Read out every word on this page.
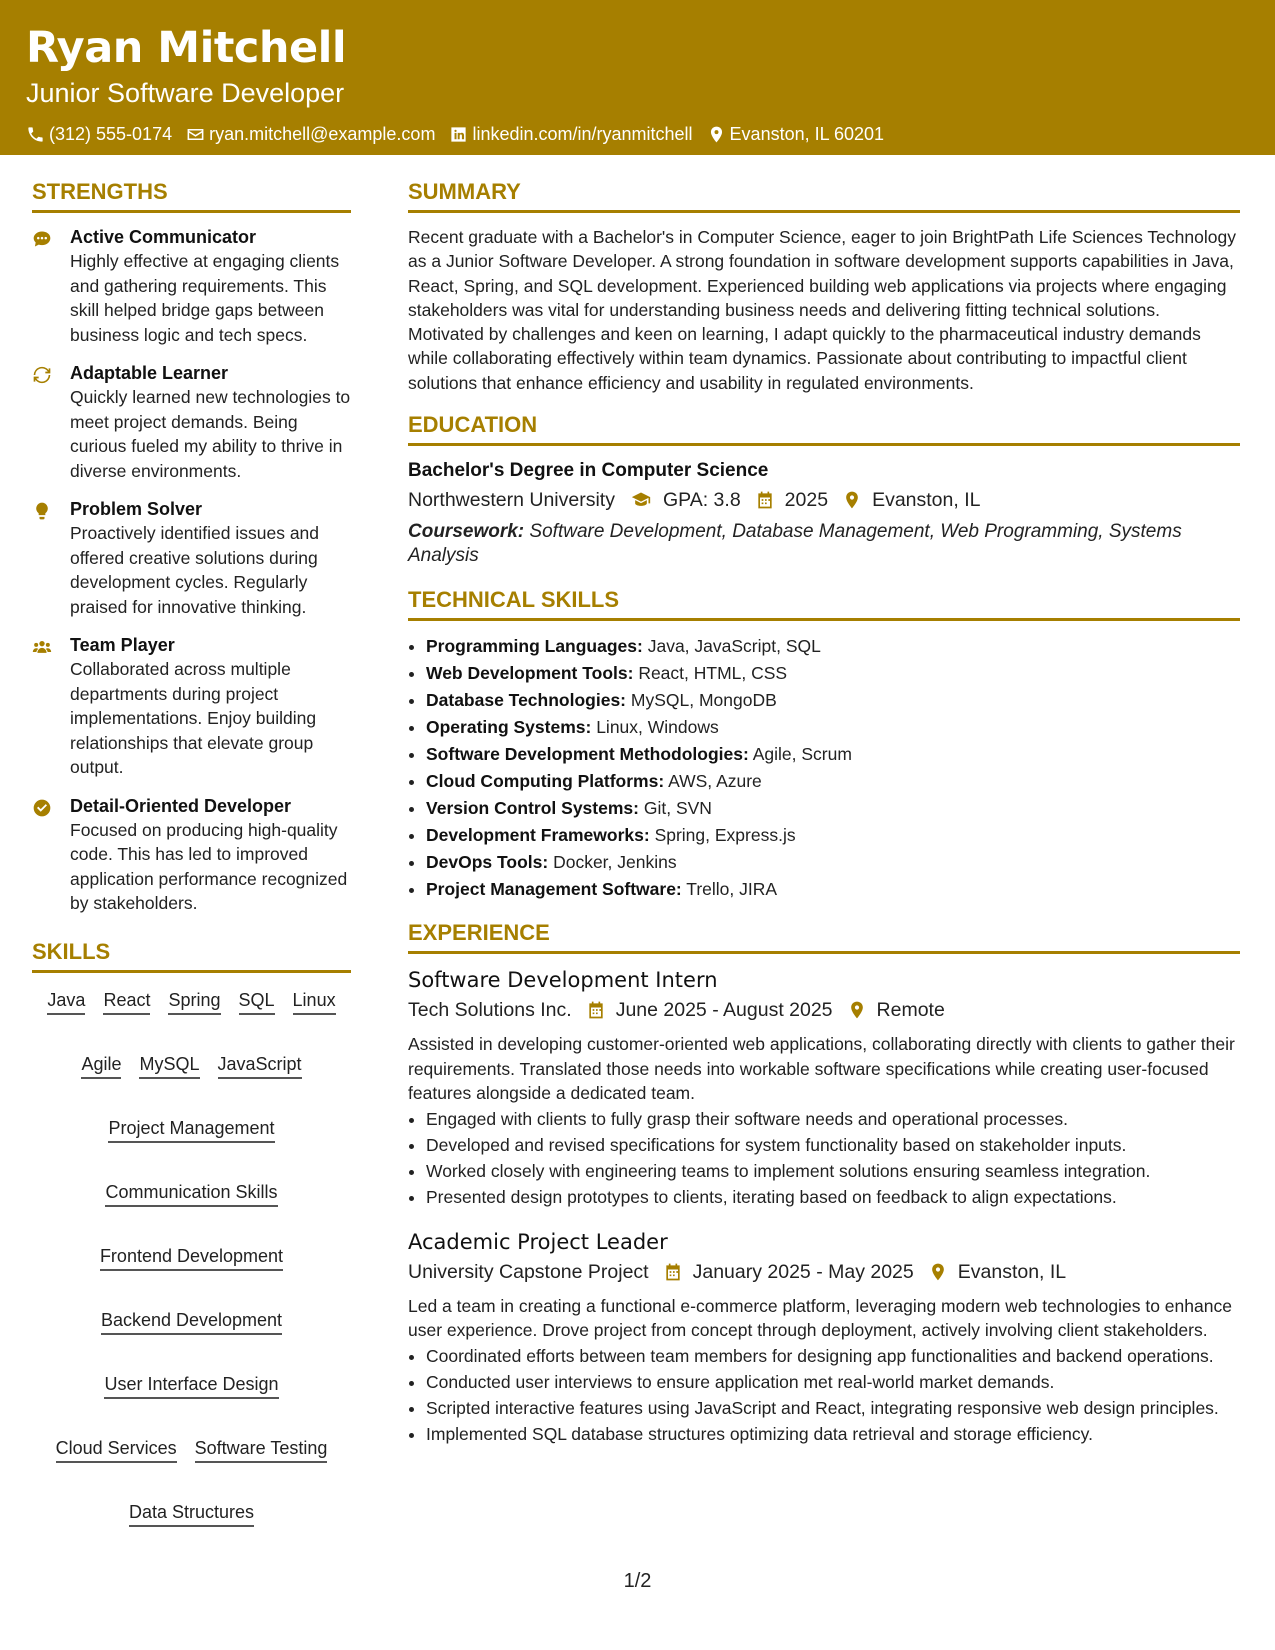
Ryan Mitchell
Junior Software Developer
(312) 555-0174 ryan.mitchell@example.com linkedin.com/in/ryanmitchell Evanston, IL 60201
STRENGTHS
Active Communicator
Highly effective at engaging clients and gathering requirements. This skill helped bridge gaps between business logic and tech specs.
Adaptable Learner
Quickly learned new technologies to meet project demands. Being curious fueled my ability to thrive in diverse environments.
Problem Solver
Proactively identified issues and offered creative solutions during development cycles. Regularly praised for innovative thinking.
Team Player
Collaborated across multiple departments during project implementations. Enjoy building relationships that elevate group output.
Detail-Oriented Developer
Focused on producing high-quality code. This has led to improved application performance recognized by stakeholders.
SKILLS
Java React Spring SQL Linux
Agile MySQL JavaScript
Project Management
Communication Skills
Frontend Development
Backend Development
User Interface Design
Cloud Services Software Testing
Data Structures
SUMMARY

Recent graduate with a Bachelor's in Computer Science, eager to join BrightPath Life Sciences Technology as a Junior Software Developer. A strong foundation in software development supports capabilities in Java, React, Spring, and SQL development. Experienced building web applications via projects where engaging stakeholders was vital for understanding business needs and delivering fitting technical solutions. Motivated by challenges and keen on learning, I adapt quickly to the pharmaceutical industry demands while collaborating effectively within team dynamics. Passionate about contributing to impactful client solutions that enhance efficiency and usability in regulated environments.

EDUCATION
Bachelor's Degree in Computer Science
Northwestern University GPA: 3.8 2025 Evanston, IL
Coursework: Software Development, Database Management, Web Programming, Systems Analysis
TECHNICAL SKILLS
• Programming Languages: Java, JavaScript, SQL
• Web Development Tools: React, HTML, CSS
• Database Technologies: MySQL, MongoDB
• Operating Systems: Linux, Windows
• Software Development Methodologies: Agile, Scrum
• Cloud Computing Platforms: AWS, Azure
• Version Control Systems: Git, SVN
• Development Frameworks: Spring, Express.js
• DevOps Tools: Docker, Jenkins
• Project Management Software: Trello, JIRA
EXPERIENCE
Software Development Intern
Tech Solutions Inc. June 2025 - August 2025 Remote
Assisted in developing customer-oriented web applications, collaborating directly with clients to gather their requirements. Translated those needs into workable software specifications while creating user-focused features alongside a dedicated team.
• Engaged with clients to fully grasp their software needs and operational processes.
• Developed and revised specifications for system functionality based on stakeholder inputs.
• Worked closely with engineering teams to implement solutions ensuring seamless integration.
• Presented design prototypes to clients, iterating based on feedback to align expectations.
Academic Project Leader
University Capstone Project January 2025 - May 2025 Evanston, IL
Led a team in creating a functional e-commerce platform, leveraging modern web technologies to enhance user experience. Drove project from concept through deployment, actively involving client stakeholders.
• Coordinated efforts between team members for designing app functionalities and backend operations.
• Conducted user interviews to ensure application met real-world market demands.
• Scripted interactive features using JavaScript and React, integrating responsive web design principles.
• Implemented SQL database structures optimizing data retrieval and storage efficiency.
1/2
